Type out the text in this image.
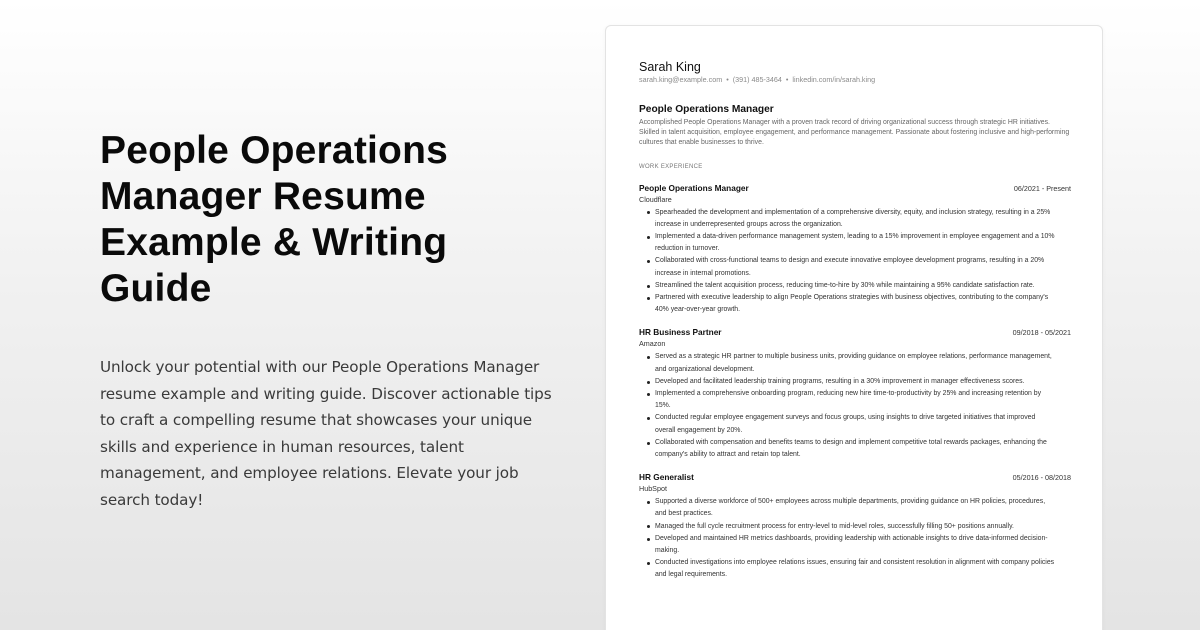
People Operations Manager Resume Example & Writing Guide

Unlock your potential with our People Operations Manager resume example and writing guide. Discover actionable tips to craft a compelling resume that showcases your unique skills and experience in human resources, talent management, and employee relations. Elevate your job search today!

Sarah King
sarah.king@example.com • (391) 485-3464 • linkedin.com/in/sarah.king
People Operations Manager
Accomplished People Operations Manager with a proven track record of driving organizational success through strategic HR initiatives. Skilled in talent acquisition, employee engagement, and performance management. Passionate about fostering inclusive and high-performing cultures that enable businesses to thrive.
WORK EXPERIENCE
People Operations Manager	06/2021 - Present
Cloudflare
Spearheaded the development and implementation of a comprehensive diversity, equity, and inclusion strategy, resulting in a 25% increase in underrepresented groups across the organization.
Implemented a data-driven performance management system, leading to a 15% improvement in employee engagement and a 10% reduction in turnover.
Collaborated with cross-functional teams to design and execute innovative employee development programs, resulting in a 20% increase in internal promotions.
Streamlined the talent acquisition process, reducing time-to-hire by 30% while maintaining a 95% candidate satisfaction rate.
Partnered with executive leadership to align People Operations strategies with business objectives, contributing to the company's 40% year-over-year growth.
HR Business Partner	09/2018 - 05/2021
Amazon
Served as a strategic HR partner to multiple business units, providing guidance on employee relations, performance management, and organizational development.
Developed and facilitated leadership training programs, resulting in a 30% improvement in manager effectiveness scores.
Implemented a comprehensive onboarding program, reducing new hire time-to-productivity by 25% and increasing retention by 15%.
Conducted regular employee engagement surveys and focus groups, using insights to drive targeted initiatives that improved overall engagement by 20%.
Collaborated with compensation and benefits teams to design and implement competitive total rewards packages, enhancing the company's ability to attract and retain top talent.
HR Generalist	05/2016 - 08/2018
HubSpot
Supported a diverse workforce of 500+ employees across multiple departments, providing guidance on HR policies, procedures, and best practices.
Managed the full cycle recruitment process for entry-level to mid-level roles, successfully filling 50+ positions annually.
Developed and maintained HR metrics dashboards, providing leadership with actionable insights to drive data-informed decision-making.
Conducted investigations into employee relations issues, ensuring fair and consistent resolution in alignment with company policies and legal requirements.
